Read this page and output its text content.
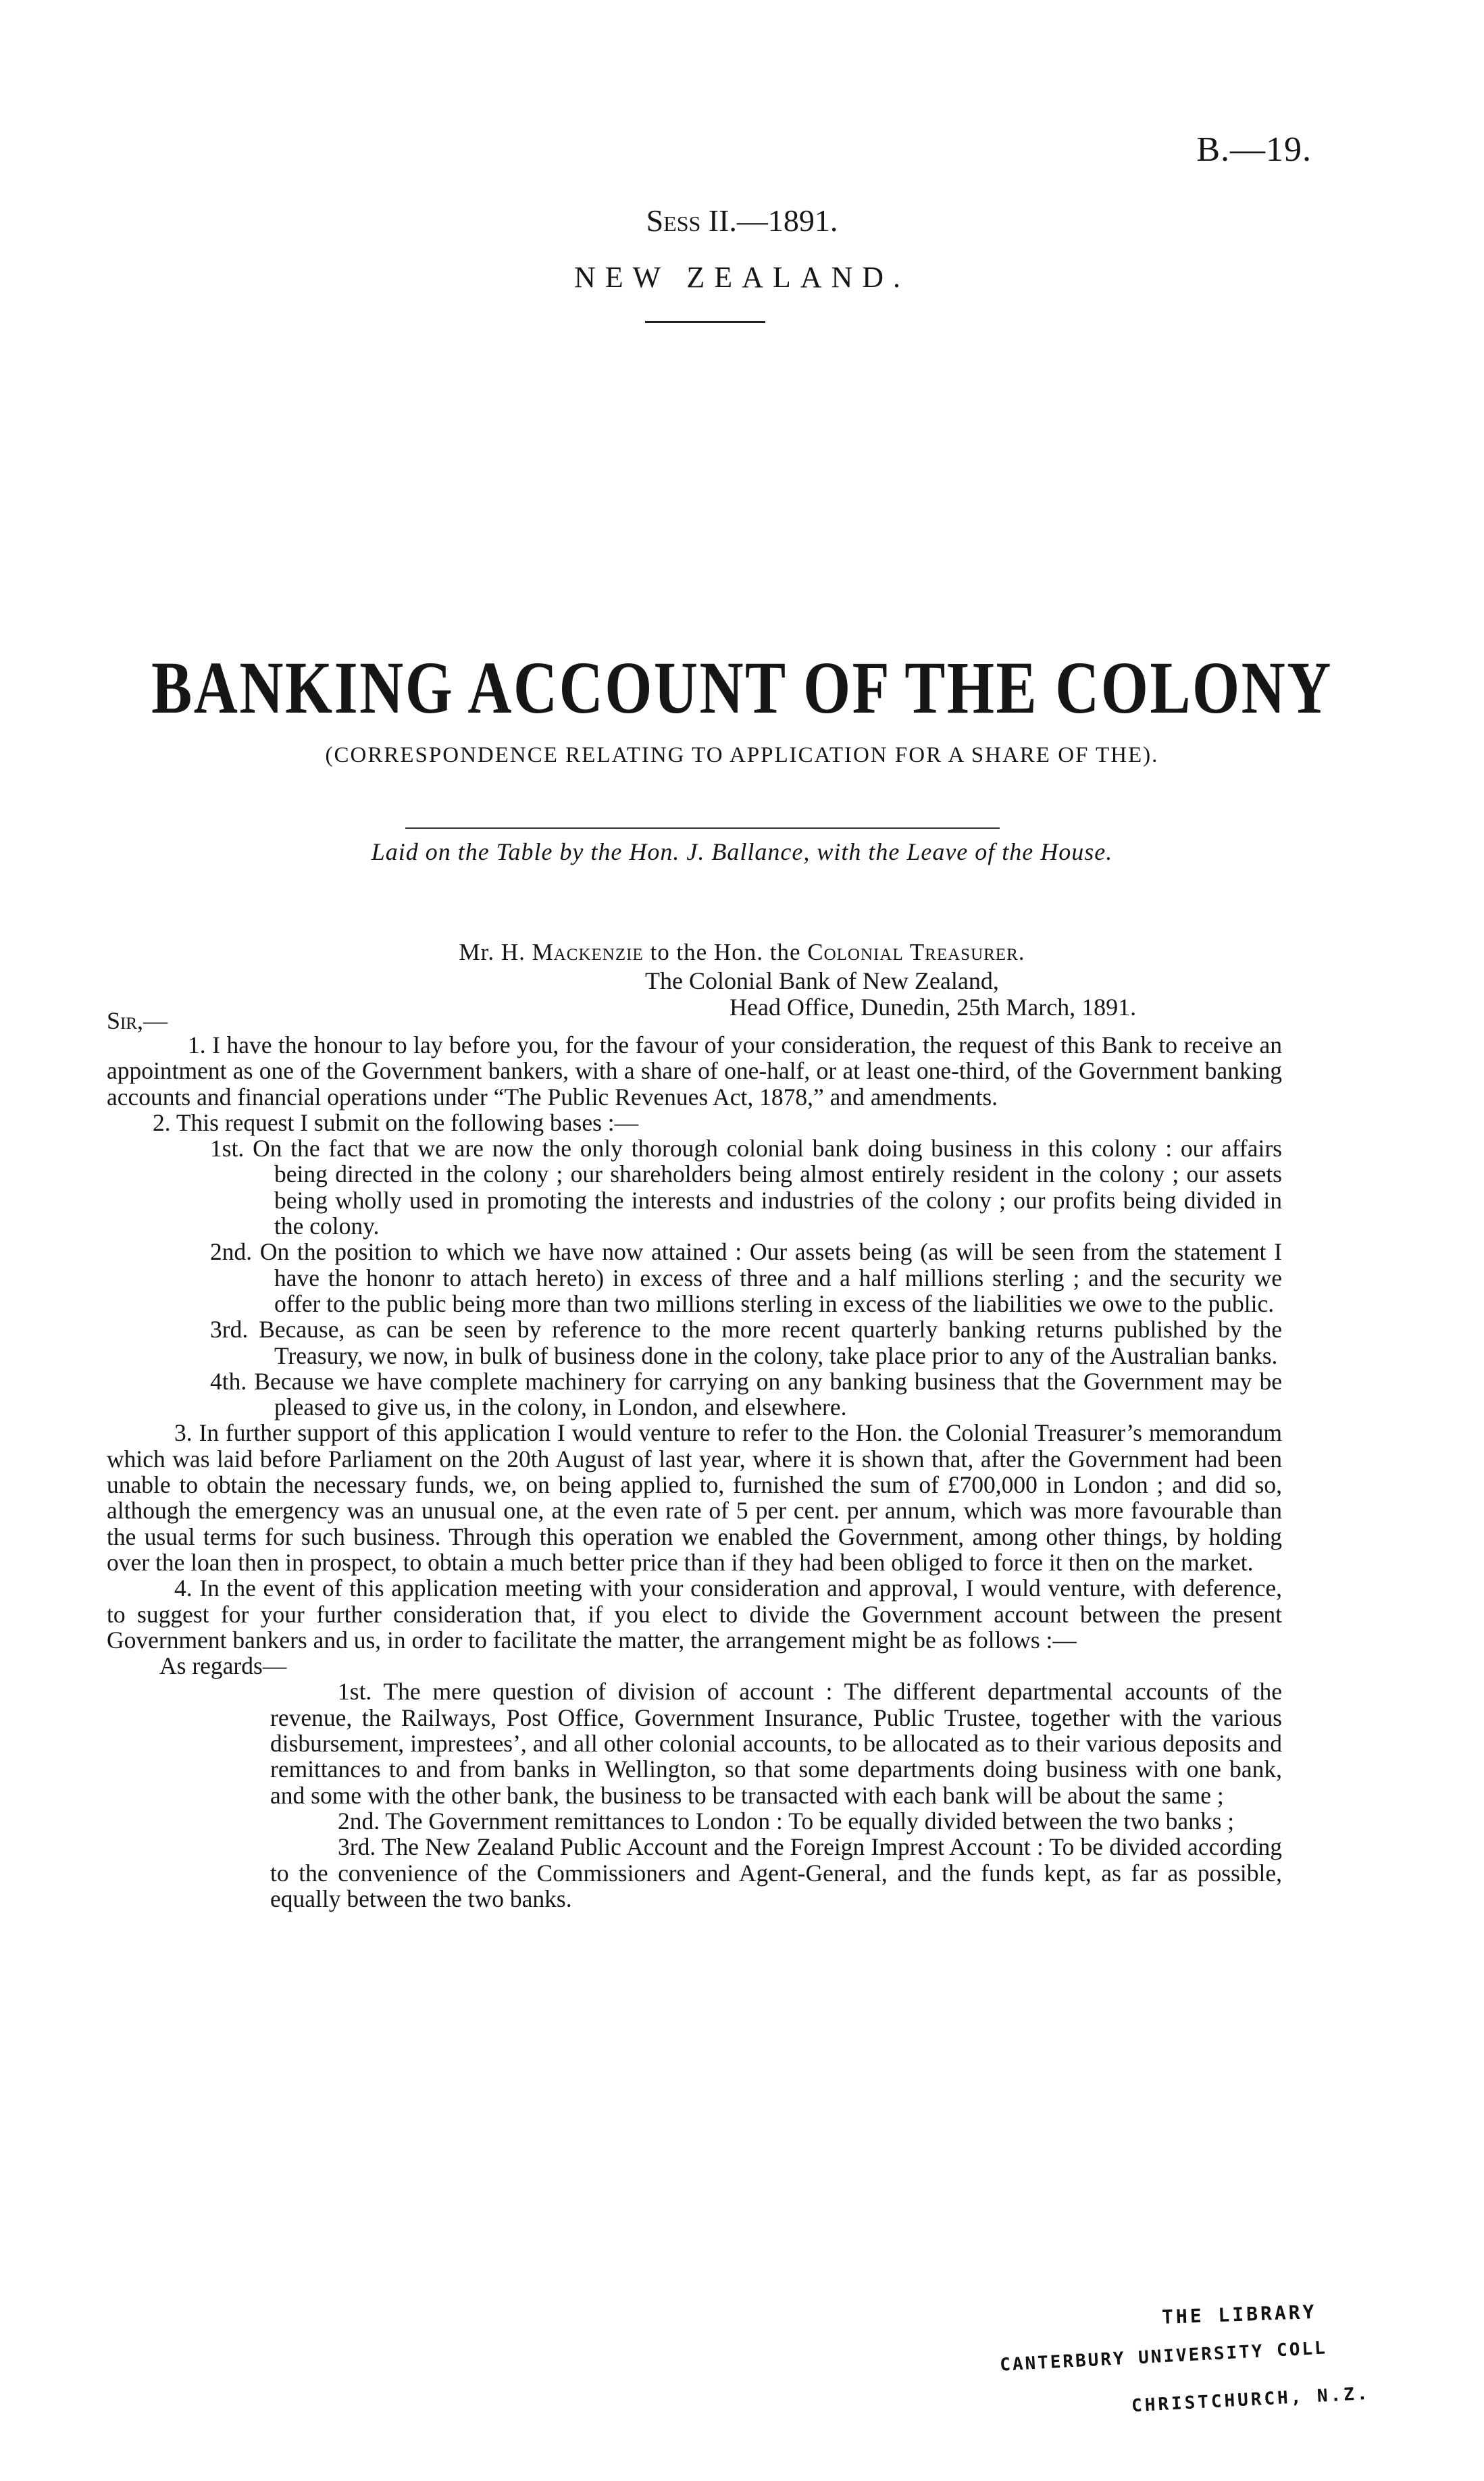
B.—19.
Sess II.—1891.
NEW ZEALAND.
BANKING ACCOUNT OF THE COLONY
(CORRESPONDENCE RELATING TO APPLICATION FOR A SHARE OF THE).
Laid on the Table by the Hon. J. Ballance, with the Leave of the House.
Mr. H. Mackenzie to the Hon. the Colonial Treasurer.
The Colonial Bank of New Zealand,
Head Office, Dunedin, 25th March, 1891.
Sir,—

1. I have the honour to lay before you, for the favour of your consideration, the request of this Bank to receive an appointment as one of the Government bankers, with a share of one-half, or at least one-third, of the Government banking accounts and financial operations under “The Public Revenues Act, 1878,” and amendments.

2. This request I submit on the following bases :—

1st. On the fact that we are now the only thorough colonial bank doing business in this colony : our affairs being directed in the colony ; our shareholders being almost entirely resident in the colony ; our assets being wholly used in promoting the interests and industries of the colony ; our profits being divided in the colony.

2nd. On the position to which we have now attained : Our assets being (as will be seen from the statement I have the hononr to attach hereto) in excess of three and a half millions sterling ; and the security we offer to the public being more than two millions sterling in excess of the liabilities we owe to the public.

3rd. Because, as can be seen by reference to the more recent quarterly banking returns published by the Treasury, we now, in bulk of business done in the colony, take place prior to any of the Australian banks.

4th. Because we have complete machinery for carrying on any banking business that the Government may be pleased to give us, in the colony, in London, and elsewhere.

3. In further support of this application I would venture to refer to the Hon. the Colonial Treasurer’s memorandum which was laid before Parliament on the 20th August of last year, where it is shown that, after the Government had been unable to obtain the necessary funds, we, on being applied to, furnished the sum of £700,000 in London ; and did so, although the emergency was an unusual one, at the even rate of 5 per cent. per annum, which was more favourable than the usual terms for such business. Through this operation we enabled the Government, among other things, by holding over the loan then in prospect, to obtain a much better price than if they had been obliged to force it then on the market.

4. In the event of this application meeting with your consideration and approval, I would venture, with deference, to suggest for your further consideration that, if you elect to divide the Government account between the present Government bankers and us, in order to facilitate the matter, the arrangement might be as follows :—

As regards—

1st. The mere question of division of account : The different departmental accounts of the revenue, the Railways, Post Office, Government Insurance, Public Trustee, together with the various disbursement, imprestees’, and all other colonial accounts, to be allocated as to their various deposits and remittances to and from banks in Wellington, so that some departments doing business with one bank, and some with the other bank, the business to be transacted with each bank will be about the same ;

2nd. The Government remittances to London : To be equally divided between the two banks ;

3rd. The New Zealand Public Account and the Foreign Imprest Account : To be divided according to the convenience of the Commissioners and Agent-General, and the funds kept, as far as possible, equally between the two banks.

THE LIBRARY
CANTERBURY UNIVERSITY COLL
CHRISTCHURCH, N.Z.
